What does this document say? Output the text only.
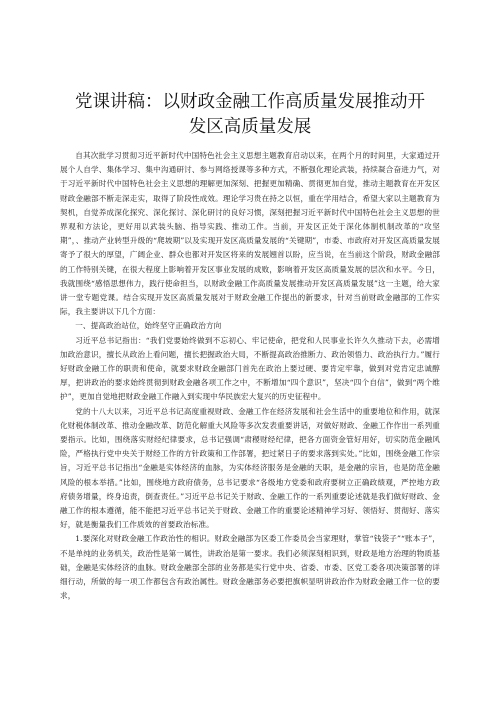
党课讲稿：以财政金融工作高质量发展推动开
发区高质量发展

自其次批学习贯彻习近平新时代中国特色社会主义思想主题教育启动以来，在两个月的时间里，大家通过开展个人自学、集体学习、集中沟通研讨、参与网络授课等多种方式，不断强化理论武装，持续凝合奋进力气，对于习近平新时代中国特色社会主义思想的理解更加深刻、把握更加精确、贯彻更加自觉，推动主题教育在开发区财政金融部不断走深走实，取得了阶段性成效。理论学习贵在持之以恒，重在学用结合，希望大家以主题教育为契机，自觉养成深化探究、深化探讨、深化研讨的良好习惯，深刻把握习近平新时代中国特色社会主义思想的世界观和方法论，更好用以武装头脑、指导实践、推动工作。当前，开发区正处于深化体制机制改革的“攻坚期”，、推动产业转型升级的“爬坡期”以及实现开发区高质量发展的“关键期”，市委、市政府对开发区高质量发展寄予了很大的厚望，广阔企业、群众也都对开发区将来的发展翘首以盼，应当说，在当前这个阶段，财政金融部的工作特别关键，在很大程度上影响着开发区事业发展的成败，影响着开发区高质量发展的层次和水平。今日，我就围绕“感悟思想伟力，践行使命担当，以财政金融工作高质量发展推动开发区高质量发展”这一主题，给大家讲一堂专题党课。结合实现开发区高质量发展对于财政金融工作提出的新要求，针对当前财政金融部的工作实际，我主要讲以下几个方面：

一、提高政治站位，始终坚守正确政治方向

习近平总书记指出：“我们党要始终做到不忘初心、牢记使命，把党和人民事业长许久久推动下去，必需增加政治意识，擅长从政治上看问题，擅长把握政治大局，不断提高政治推断力、政治领悟力、政治执行力。”履行好财政金融工作的职责和使命，就要求财政金融部门首先在政治上要过硬、要肯定牢靠，做到对党肯定忠诚醇厚，把讲政治的要求始终贯彻到财政金融各项工作之中，不断增加“四个意识”，坚决“四个自信”，做到“两个维护”，更加自觉地把财政金融工作融入到实现中华民族宏大复兴的历史征程中。

党的十八大以来，习近平总书记高度重视财政、金融工作在经济发展和社会生活中的重要地位和作用，就深化财税体制改革、推动金融改革、防范化解重大风险等多次发表重要讲话，对做好财政、金融工作作出一系列重要指示。比如，围绕落实财经纪律要求，总书记强调“肃稷财经纪律，把各方面资金管好用好，切实防范金融风险，严格执行党中央关于财经工作的方针政策和工作部署，把过紧日子的要求落到实处。”比如，围绕金融工作宗旨，习近平总书记指出“金融是实体经济的血脉，为实体经济服务是金融的天职，是金融的宗旨，也是防范金融风险的根本举措。”比如，围绕地方政府债务，总书记要求“各级地方党委和政府要树立正确政绩观，严控地方政府债务增量，终身追责，倒查责任。”习近平总书记关于财政、金融工作的一系列重要论述就是我们做好财政、金融工作的根本遵循，能不能把习近平总书记关于财政、金融工作的重要论述精神学习好、领悟好、贯彻好、落实好，就是衡量我们工作质效的首要政治标准。

1.要深化对财政金融工作政治性的相识。财政金融部为区委工作委员会当家理财，掌管“钱袋子”“账本子”，不是单纯的业务机关，政治性是第一属性，讲政治是第一要求。我们必须深刻相识到，财政是地方治理的物质基础，金融是实体经济的血脉。财政金融部全部的业务都是实行党中央、省委、市委、区党工委各项决策部署的详细行动，所做的每一项工作都包含有政治属性。财政金融部务必要把旗帜显明讲政治作为财政金融工作一位的要求，
